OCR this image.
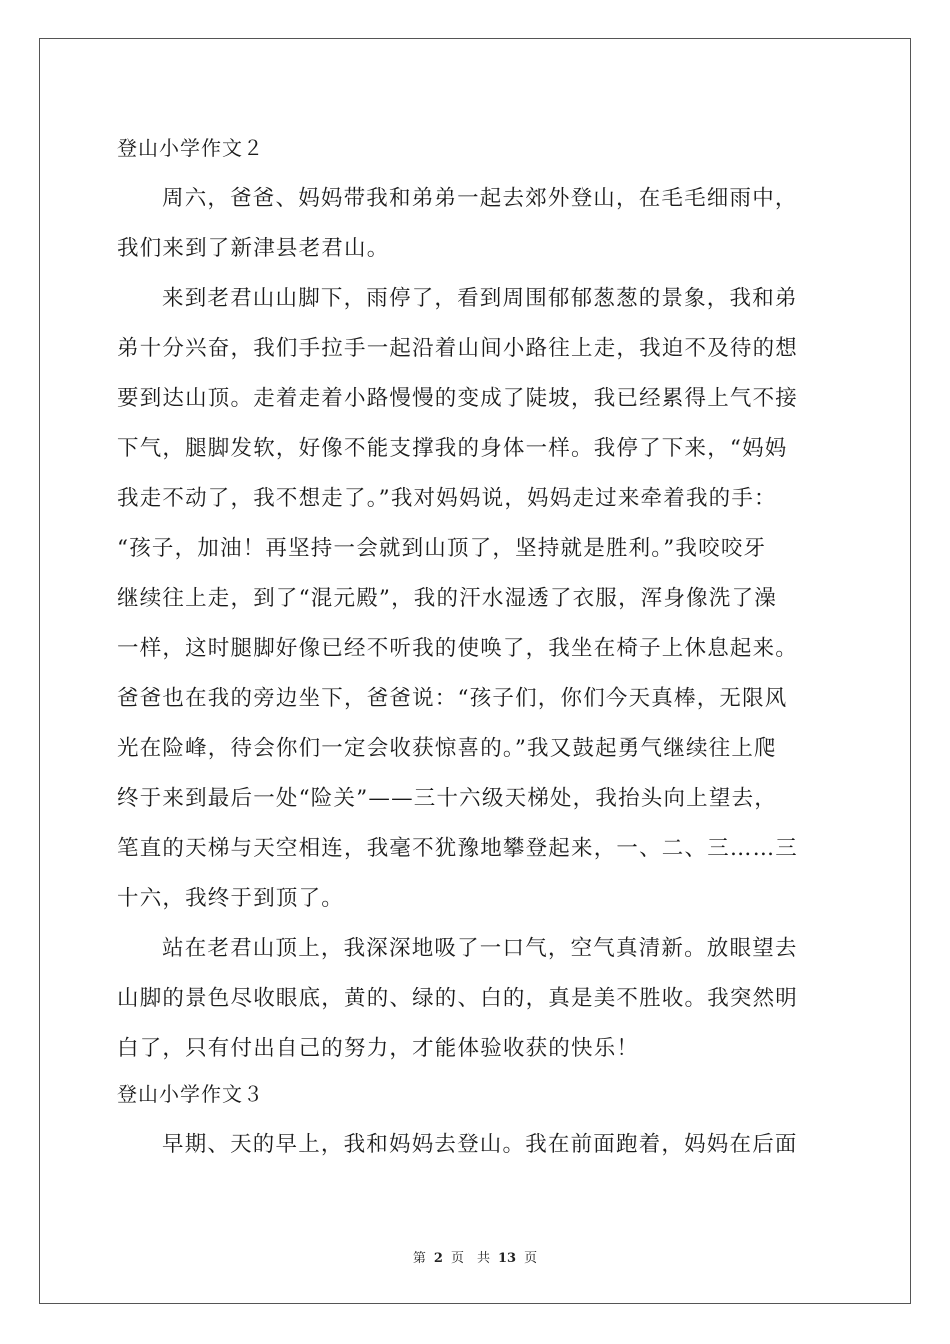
登山小学作文２
周六，爸爸、妈妈带我和弟弟一起去郊外登山，在毛毛细雨中，
我们来到了新津县老君山。
来到老君山山脚下，雨停了，看到周围郁郁葱葱的景象，我和弟
弟十分兴奋，我们手拉手一起沿着山间小路往上走，我迫不及待的想
要到达山顶。走着走着小路慢慢的变成了陡坡，我已经累得上气不接
下气，腿脚发软，好像不能支撑我的身体一样。我停了下来，“妈妈
我走不动了，我不想走了。”我对妈妈说，妈妈走过来牵着我的手：
“孩子，加油！再坚持一会就到山顶了，坚持就是胜利。”我咬咬牙
继续往上走，到了“混元殿”，我的汗水湿透了衣服，浑身像洗了澡
一样，这时腿脚好像已经不听我的使唤了，我坐在椅子上休息起来。
爸爸也在我的旁边坐下，爸爸说：“孩子们，你们今天真棒，无限风
光在险峰，待会你们一定会收获惊喜的。”我又鼓起勇气继续往上爬
终于来到最后一处“险关”——三十六级天梯处，我抬头向上望去，
笔直的天梯与天空相连，我毫不犹豫地攀登起来，一、二、三……三
十六，我终于到顶了。
站在老君山顶上，我深深地吸了一口气，空气真清新。放眼望去
山脚的景色尽收眼底，黄的、绿的、白的，真是美不胜收。我突然明
白了，只有付出自己的努力，才能体验收获的快乐！
登山小学作文３
早期、天的早上，我和妈妈去登山。我在前面跑着，妈妈在后面
第 2 页　共 13 页
